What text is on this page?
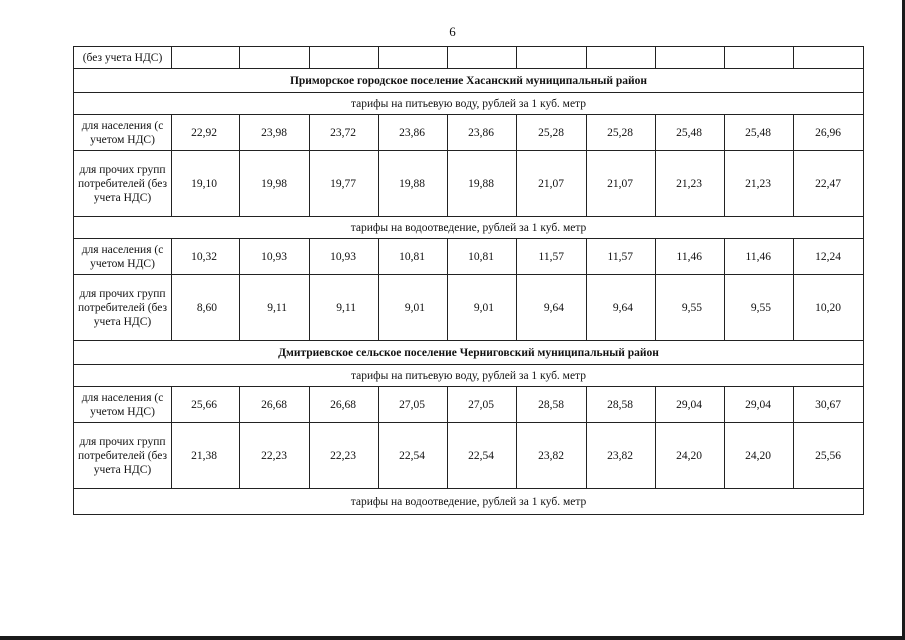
6
(без учета НДС)										
Приморское городское поселение Хасанский муниципальный район										
тарифы на питьевую воду, рублей за 1 куб. метр										
для населения (с учетом НДС)	22,92	23,98	23,72	23,86	23,86	25,28	25,28	25,48	25,48	26,96
для прочих групп потребителей (без учета НДС)	19,10	19,98	19,77	19,88	19,88	21,07	21,07	21,23	21,23	22,47
тарифы на водоотведение, рублей за 1 куб. метр										
для населения (с учетом НДС)	10,32	10,93	10,93	10,81	10,81	11,57	11,57	11,46	11,46	12,24
для прочих групп потребителей (без учета НДС)	8,60	9,11	9,11	9,01	9,01	9,64	9,64	9,55	9,55	10,20
Дмитриевское сельское поселение Черниговский муниципальный район										
тарифы на питьевую воду, рублей за 1 куб. метр										
для населения (с учетом НДС)	25,66	26,68	26,68	27,05	27,05	28,58	28,58	29,04	29,04	30,67
для прочих групп потребителей (без учета НДС)	21,38	22,23	22,23	22,54	22,54	23,82	23,82	24,20	24,20	25,56
тарифы на водоотведение, рублей за 1 куб. метр										
